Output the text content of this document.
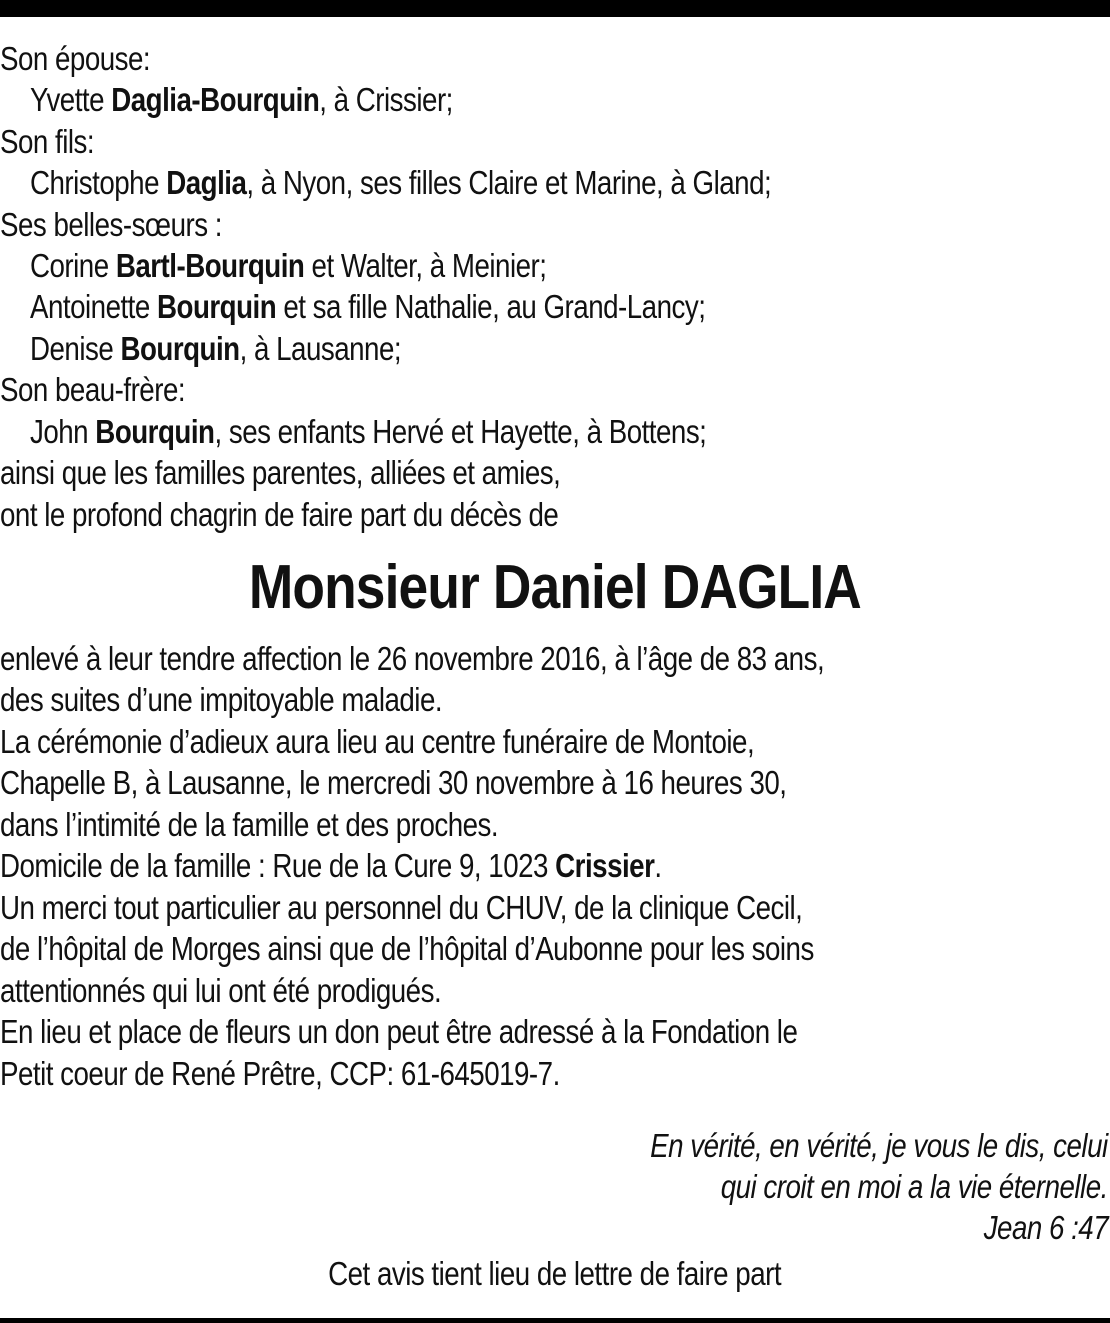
Son épouse:
Yvette Daglia-Bourquin, à Crissier;
Son fils:
Christophe Daglia, à Nyon, ses filles Claire et Marine, à Gland;
Ses belles-sœurs :
Corine Bartl-Bourquin et Walter, à Meinier;
Antoinette Bourquin et sa fille Nathalie, au Grand-Lancy;
Denise Bourquin, à Lausanne;
Son beau-frère:
John Bourquin, ses enfants Hervé et Hayette, à Bottens;
ainsi que les familles parentes, alliées et amies,
ont le profond chagrin de faire part du décès de
Monsieur Daniel DAGLIA
enlevé à leur tendre affection le 26 novembre 2016, à l’âge de 83 ans,
des suites d’une impitoyable maladie.
La cérémonie d’adieux aura lieu au centre funéraire de Montoie,
Chapelle B, à Lausanne, le mercredi 30 novembre à 16 heures 30,
dans l’intimité de la famille et des proches.
Domicile de la famille : Rue de la Cure 9, 1023 Crissier.
Un merci tout particulier au personnel du CHUV, de la clinique Cecil,
de l’hôpital de Morges ainsi que de l’hôpital d’Aubonne pour les soins
attentionnés qui lui ont été prodigués.
En lieu et place de fleurs un don peut être adressé à la Fondation le
Petit coeur de René Prêtre, CCP: 61-645019-7.
En vérité, en vérité, je vous le dis, celui
qui croit en moi a la vie éternelle.
Jean 6 :47
Cet avis tient lieu de lettre de faire part
